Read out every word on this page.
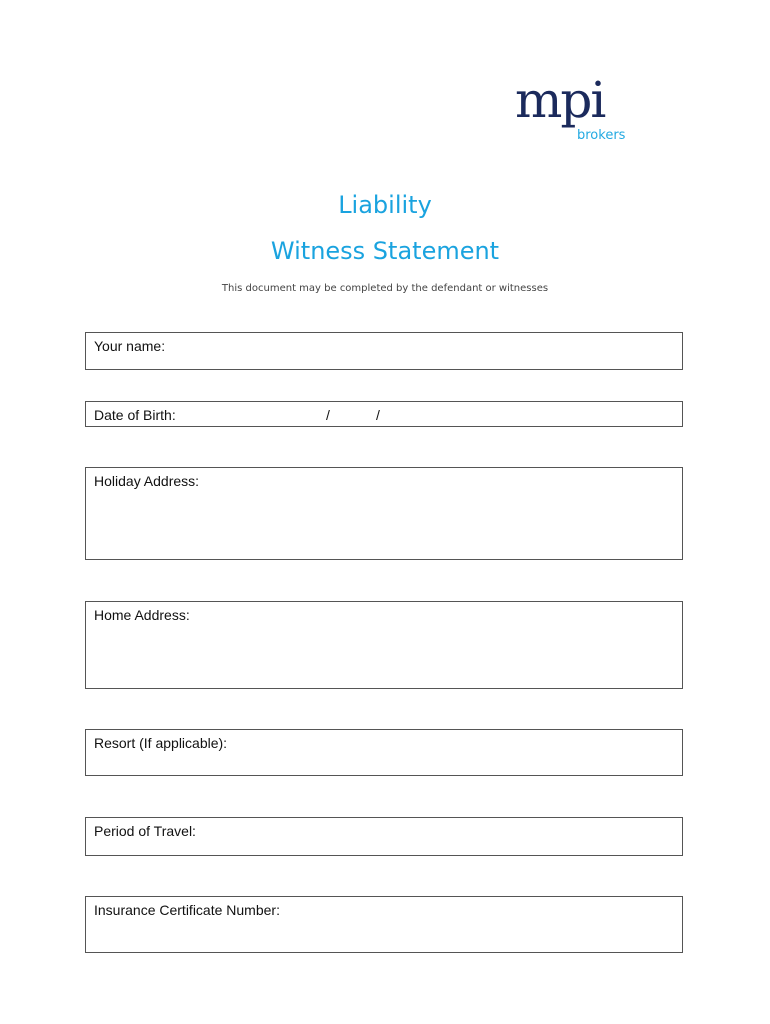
mpi
brokers
Liability
Witness Statement
This document may be completed by the defendant or witnesses
Your name:
Date of Birth:	/	/
Holiday Address:
Home Address:
Resort (If applicable):
Period of Travel:
Insurance Certificate Number:
